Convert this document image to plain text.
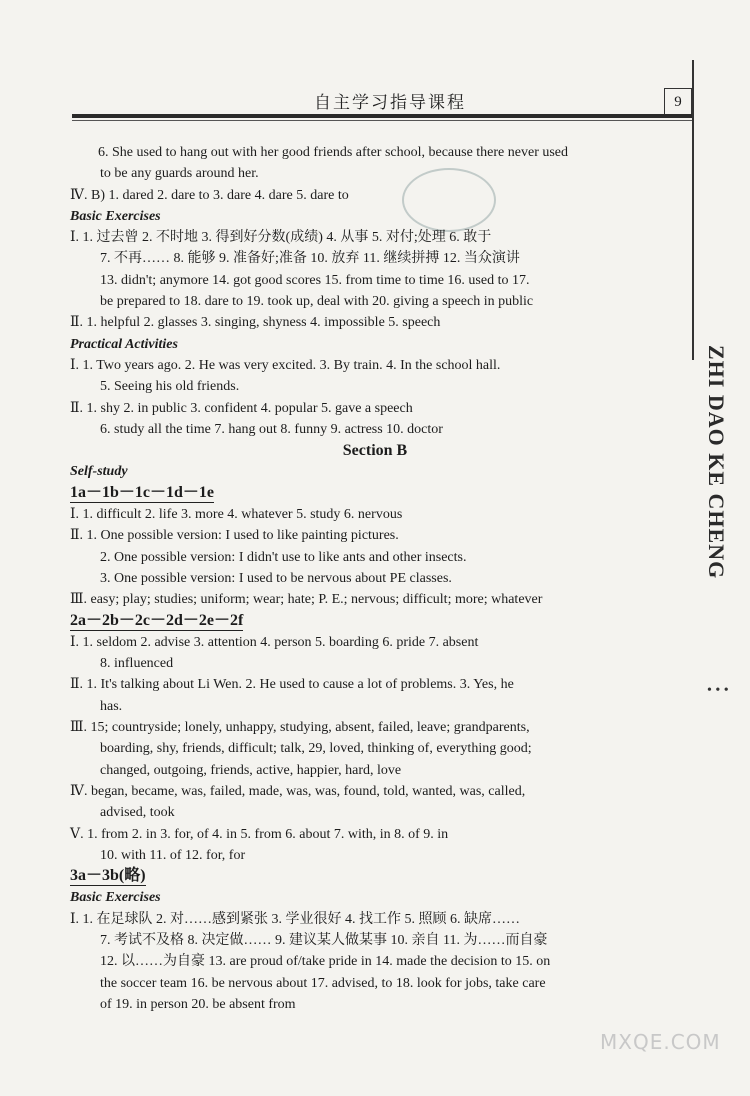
自主学习指导课程	9
ZHI DAO KE CHENG
• • •
6. She used to hang out with her good friends after school, because there never used
to be any guards around her.
Ⅳ. B) 1. dared 2. dare to 3. dare 4. dare 5. dare to
Basic Exercises
Ⅰ. 1. 过去曾 2. 不时地 3. 得到好分数(成绩) 4. 从事 5. 对付;处理 6. 敢于
7. 不再…… 8. 能够 9. 准备好;准备 10. 放弃 11. 继续拼搏 12. 当众演讲
13. didn't; anymore 14. got good scores 15. from time to time 16. used to 17.
be prepared to 18. dare to 19. took up, deal with 20. giving a speech in public
Ⅱ. 1. helpful 2. glasses 3. singing, shyness 4. impossible 5. speech
Practical Activities
Ⅰ. 1. Two years ago. 2. He was very excited. 3. By train. 4. In the school hall.
5. Seeing his old friends.
Ⅱ. 1. shy 2. in public 3. confident 4. popular 5. gave a speech
6. study all the time 7. hang out 8. funny 9. actress 10. doctor
Section B
Self-study
1a－1b－1c－1d－1e
Ⅰ. 1. difficult 2. life 3. more 4. whatever 5. study 6. nervous
Ⅱ. 1. One possible version: I used to like painting pictures.
2. One possible version: I didn't use to like ants and other insects.
3. One possible version: I used to be nervous about PE classes.
Ⅲ. easy; play; studies; uniform; wear; hate; P. E.; nervous; difficult; more; whatever
2a－2b－2c－2d－2e－2f
Ⅰ. 1. seldom 2. advise 3. attention 4. person 5. boarding 6. pride 7. absent
8. influenced
Ⅱ. 1. It's talking about Li Wen. 2. He used to cause a lot of problems. 3. Yes, he
has.
Ⅲ. 15; countryside; lonely, unhappy, studying, absent, failed, leave; grandparents,
boarding, shy, friends, difficult; talk, 29, loved, thinking of, everything good;
changed, outgoing, friends, active, happier, hard, love
Ⅳ. began, became, was, failed, made, was, was, found, told, wanted, was, called,
advised, took
Ⅴ. 1. from 2. in 3. for, of 4. in 5. from 6. about 7. with, in 8. of 9. in
10. with 11. of 12. for, for
3a－3b(略)
Basic Exercises
Ⅰ. 1. 在足球队 2. 对……感到紧张 3. 学业很好 4. 找工作 5. 照顾 6. 缺席……
7. 考试不及格 8. 决定做…… 9. 建议某人做某事 10. 亲自 11. 为……而自豪
12. 以……为自豪 13. are proud of/take pride in 14. made the decision to 15. on
the soccer team 16. be nervous about 17. advised, to 18. look for jobs, take care
of 19. in person 20. be absent from
MXQE.COM
